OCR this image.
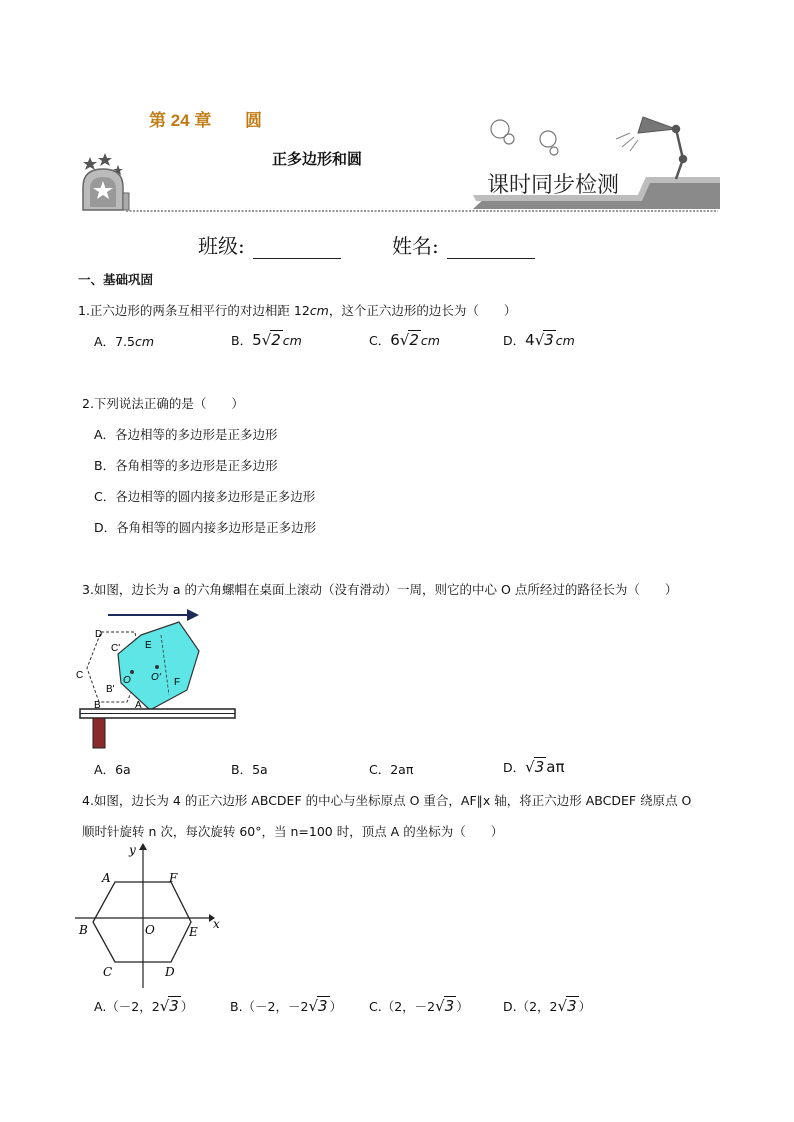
第 24 章 圆
正多边形和圆
课时同步检测
班级:	姓名:
一、基础巩固
1.正六边形的两条互相平行的对边相距 12cm，这个正六边形的边长为（　　）
A．7.5cm	B．5√2 cm	C．6√2 cm	D．4√3 cm
2.下列说法正确的是（　　）
A．各边相等的多边形是正多边形
B．各角相等的多边形是正多边形
C．各边相等的圆内接多边形是正多边形
D．各角相等的圆内接多边形是正多边形
3.如图，边长为 a 的六角螺帽在桌面上滚动（没有滑动）一周，则它的中心 O 点所经过的路径长为（　　）
D
C' E
C	O O' F
B'
B	A
A．6a	B．5a	C．2aπ	D．√3 aπ
4.如图，边长为 4 的正六边形 ABCDEF 的中心与坐标原点 O 重合，AF∥x 轴，将正六边形 ABCDEF 绕原点 O
顺时针旋转 n 次，每次旋转 60°，当 n=100 时，顶点 A 的坐标为（　　）
y
x
A	F
B	O	E
C	D
A.（－2，2√3 ）	B.（－2，－2√3 ） C.（2，－2√3 ）	D.（2，2√3 ）
